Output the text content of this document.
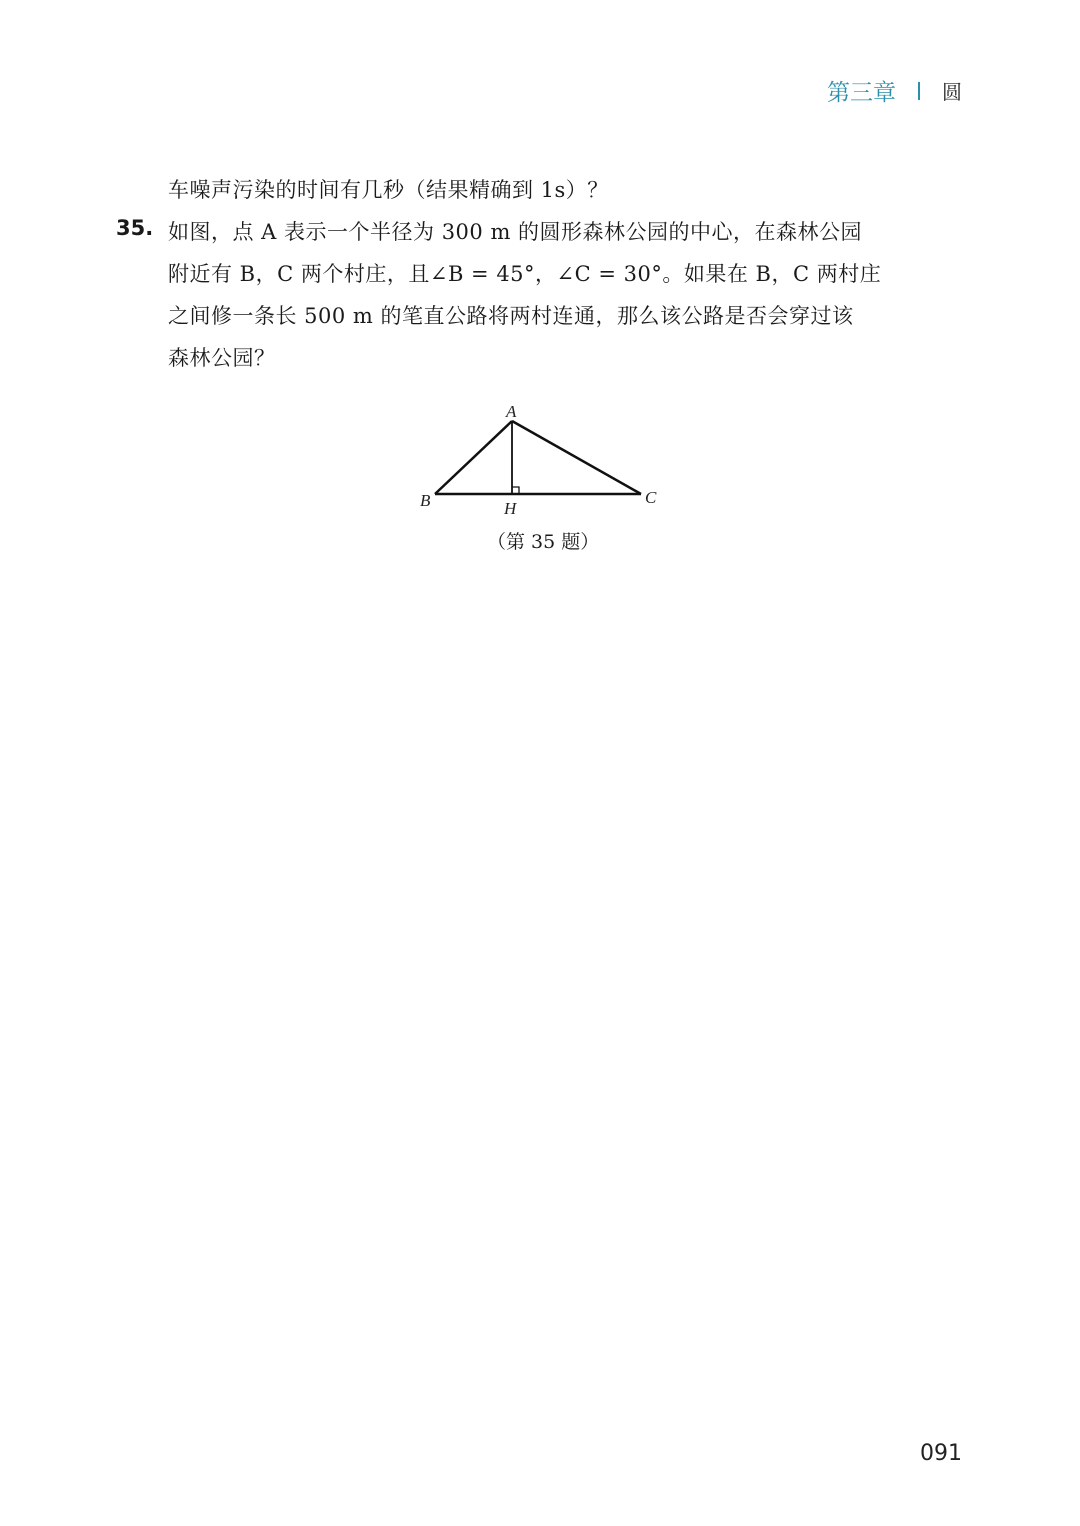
第三章 圆
车噪声污染的时间有几秒（结果精确到 1s）？
35. 如图，点 A 表示一个半径为 300 m 的圆形森林公园的中心，在森林公园
附近有 B，C 两个村庄，且∠B = 45°，∠C = 30°。如果在 B，C 两村庄
之间修一条长 500 m 的笔直公路将两村连通，那么该公路是否会穿过该
森林公园？
A
B	C
H
（第 35 题）
091
